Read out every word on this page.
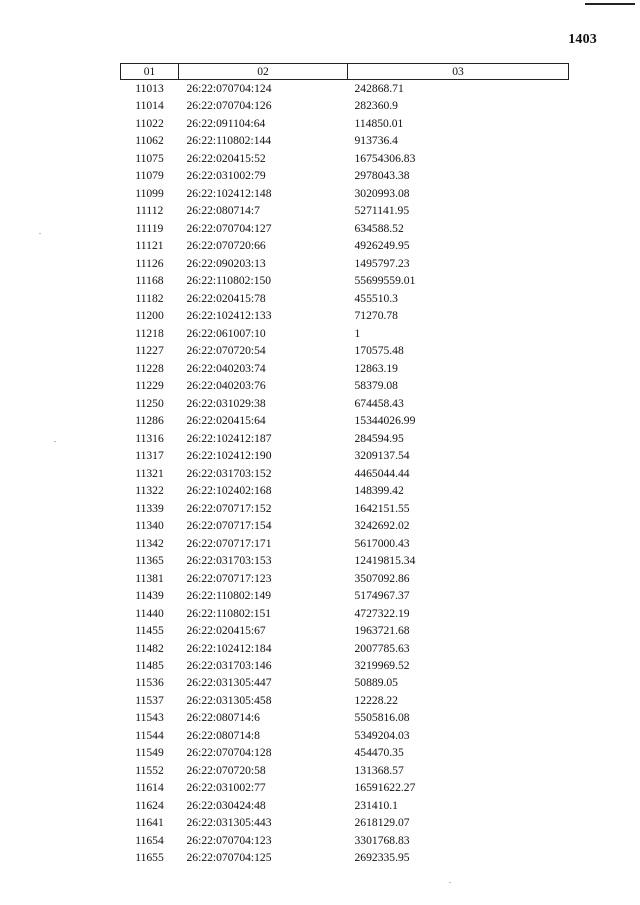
1403
01	02	03
11013	26:22:070704:124	242868.71
11014	26:22:070704:126	282360.9
11022	26:22:091104:64	114850.01
11062	26:22:110802:144	913736.4
11075	26:22:020415:52	16754306.83
11079	26:22:031002:79	2978043.38
11099	26:22:102412:148	3020993.08
11112	26:22:080714:7	5271141.95
11119	26:22:070704:127	634588.52
11121	26:22:070720:66	4926249.95
11126	26:22:090203:13	1495797.23
11168	26:22:110802:150	55699559.01
11182	26:22:020415:78	455510.3
11200	26:22:102412:133	71270.78
11218	26:22:061007:10	1
11227	26:22:070720:54	170575.48
11228	26:22:040203:74	12863.19
11229	26:22:040203:76	58379.08
11250	26:22:031029:38	674458.43
11286	26:22:020415:64	15344026.99
11316	26:22:102412:187	284594.95
11317	26:22:102412:190	3209137.54
11321	26:22:031703:152	4465044.44
11322	26:22:102402:168	148399.42
11339	26:22:070717:152	1642151.55
11340	26:22:070717:154	3242692.02
11342	26:22:070717:171	5617000.43
11365	26:22:031703:153	12419815.34
11381	26:22:070717:123	3507092.86
11439	26:22:110802:149	5174967.37
11440	26:22:110802:151	4727322.19
11455	26:22:020415:67	1963721.68
11482	26:22:102412:184	2007785.63
11485	26:22:031703:146	3219969.52
11536	26:22:031305:447	50889.05
11537	26:22:031305:458	12228.22
11543	26:22:080714:6	5505816.08
11544	26:22:080714:8	5349204.03
11549	26:22:070704:128	454470.35
11552	26:22:070720:58	131368.57
11614	26:22:031002:77	16591622.27
11624	26:22:030424:48	231410.1
11641	26:22:031305:443	2618129.07
11654	26:22:070704:123	3301768.83
11655	26:22:070704:125	2692335.95
